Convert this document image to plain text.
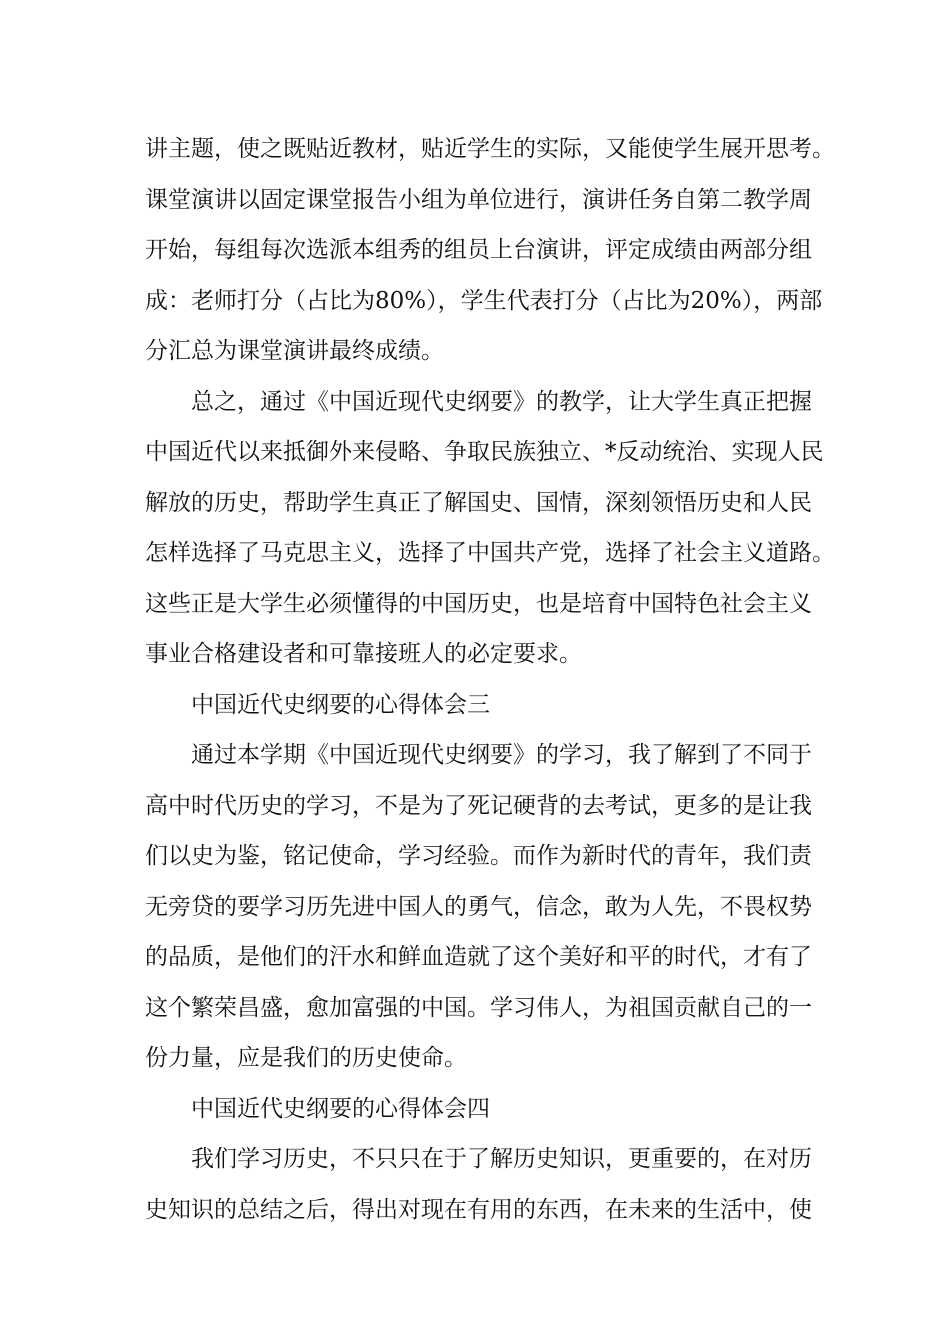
讲主题，使之既贴近教材，贴近学生的实际，又能使学生展开思考。
课堂演讲以固定课堂报告小组为单位进行，演讲任务自第二教学周
开始，每组每次选派本组秀的组员上台演讲，评定成绩由两部分组
成：老师打分（占比为80%），学生代表打分（占比为20%），两部
分汇总为课堂演讲最终成绩。
总之，通过《中国近现代史纲要》的教学，让大学生真正把握
中国近代以来抵御外来侵略、争取民族独立、*反动统治、实现人民
解放的历史，帮助学生真正了解国史、国情，深刻领悟历史和人民
怎样选择了马克思主义，选择了中国共产党，选择了社会主义道路。
这些正是大学生必须懂得的中国历史，也是培育中国特色社会主义
事业合格建设者和可靠接班人的必定要求。
中国近代史纲要的心得体会三
通过本学期《中国近现代史纲要》的学习，我了解到了不同于
高中时代历史的学习，不是为了死记硬背的去考试，更多的是让我
们以史为鉴，铭记使命，学习经验。而作为新时代的青年，我们责
无旁贷的要学习历先进中国人的勇气，信念，敢为人先，不畏权势
的品质，是他们的汗水和鲜血造就了这个美好和平的时代，才有了
这个繁荣昌盛，愈加富强的中国。学习伟人，为祖国贡献自己的一
份力量，应是我们的历史使命。
中国近代史纲要的心得体会四
我们学习历史，不只只在于了解历史知识，更重要的，在对历
史知识的总结之后，得出对现在有用的东西，在未来的生活中，使
